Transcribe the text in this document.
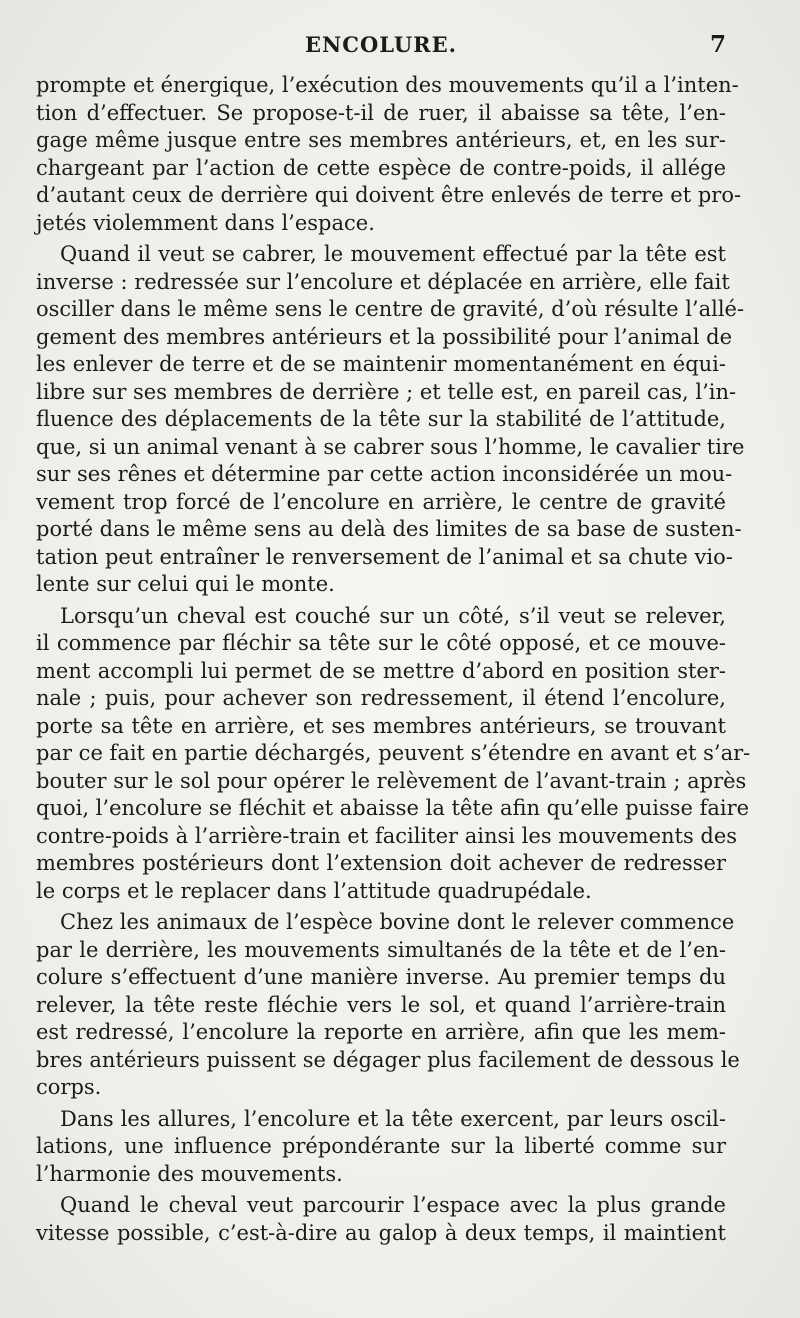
ENCOLURE.	7
prompte et énergique, l’exécution des mouvements qu’il a l’inten-
tion d’effectuer. Se propose-t-il de ruer, il abaisse sa tête, l’en-
gage même jusque entre ses membres antérieurs, et, en les sur-
chargeant par l’action de cette espèce de contre-poids, il allége
d’autant ceux de derrière qui doivent être enlevés de terre et pro-
jetés violemment dans l’espace.
Quand il veut se cabrer, le mouvement effectué par la tête est
inverse : redressée sur l’encolure et déplacée en arrière, elle fait
osciller dans le même sens le centre de gravité, d’où résulte l’allé-
gement des membres antérieurs et la possibilité pour l’animal de
les enlever de terre et de se maintenir momentanément en équi-
libre sur ses membres de derrière ; et telle est, en pareil cas, l’in-
fluence des déplacements de la tête sur la stabilité de l’attitude,
que, si un animal venant à se cabrer sous l’homme, le cavalier tire
sur ses rênes et détermine par cette action inconsidérée un mou-
vement trop forcé de l’encolure en arrière, le centre de gravité
porté dans le même sens au delà des limites de sa base de susten-
tation peut entraîner le renversement de l’animal et sa chute vio-
lente sur celui qui le monte.
Lorsqu’un cheval est couché sur un côté, s’il veut se relever,
il commence par fléchir sa tête sur le côté opposé, et ce mouve-
ment accompli lui permet de se mettre d’abord en position ster-
nale ; puis, pour achever son redressement, il étend l’encolure,
porte sa tête en arrière, et ses membres antérieurs, se trouvant
par ce fait en partie déchargés, peuvent s’étendre en avant et s’ar-
bouter sur le sol pour opérer le relèvement de l’avant-train ; après
quoi, l’encolure se fléchit et abaisse la tête afin qu’elle puisse faire
contre-poids à l’arrière-train et faciliter ainsi les mouvements des
membres postérieurs dont l’extension doit achever de redresser
le corps et le replacer dans l’attitude quadrupédale.
Chez les animaux de l’espèce bovine dont le relever commence
par le derrière, les mouvements simultanés de la tête et de l’en-
colure s’effectuent d’une manière inverse. Au premier temps du
relever, la tête reste fléchie vers le sol, et quand l’arrière-train
est redressé, l’encolure la reporte en arrière, afin que les mem-
bres antérieurs puissent se dégager plus facilement de dessous le
corps.
Dans les allures, l’encolure et la tête exercent, par leurs oscil-
lations, une influence prépondérante sur la liberté comme sur
l’harmonie des mouvements.
Quand le cheval veut parcourir l’espace avec la plus grande
vitesse possible, c’est-à-dire au galop à deux temps, il maintient
